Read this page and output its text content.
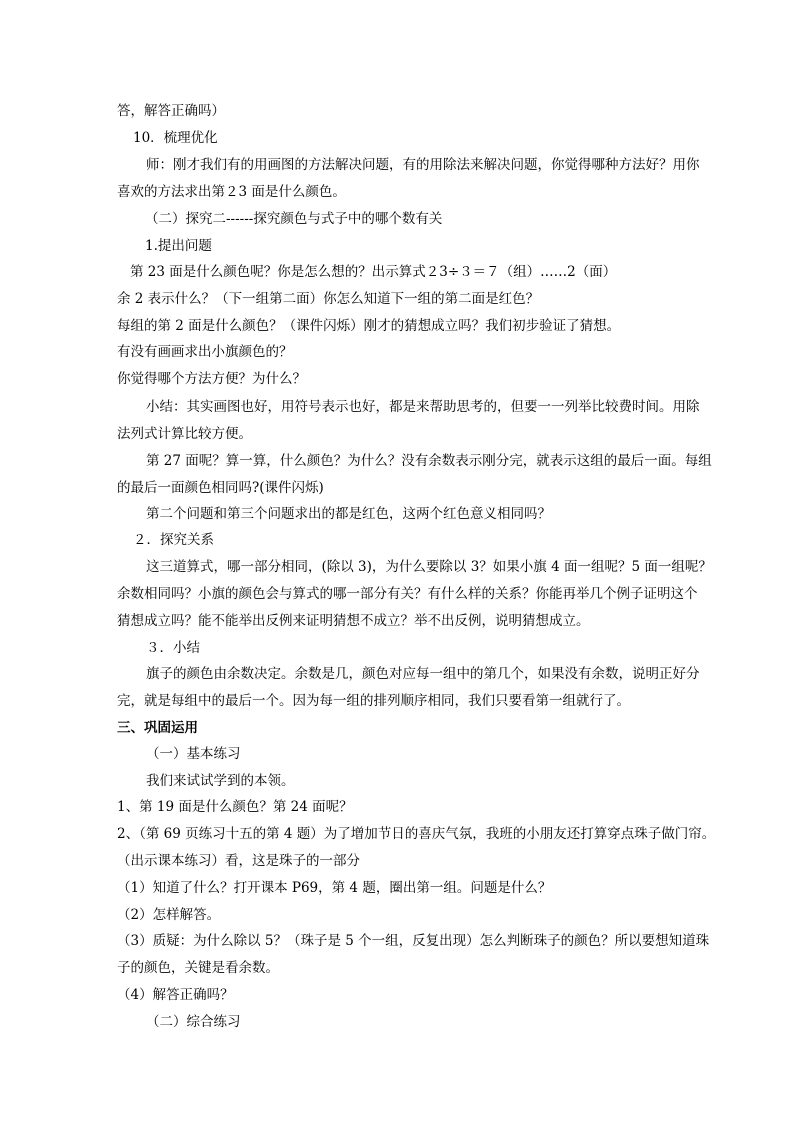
答，解答正确吗）
10．梳理优化
师：刚才我们有的用画图的方法解决问题，有的用除法来解决问题，你觉得哪种方法好？用你
喜欢的方法求出第２3 面是什么颜色。
（二）探究二------探究颜色与式子中的哪个数有关
1.提出问题
第 23 面是什么颜色呢？你是怎么想的？出示算式２3÷３＝７（组）……2（面）
余 2 表示什么？（下一组第二面）你怎么知道下一组的第二面是红色？
每组的第 2 面是什么颜色？（课件闪烁）刚才的猜想成立吗？我们初步验证了猜想。
有没有画画求出小旗颜色的？
你觉得哪个方法方便？为什么？
小结：其实画图也好，用符号表示也好，都是来帮助思考的，但要一一列举比较费时间。用除
法列式计算比较方便。
第 27 面呢？算一算，什么颜色？为什么？没有余数表示刚分完，就表示这组的最后一面。每组
的最后一面颜色相同吗?(课件闪烁)
第二个问题和第三个问题求出的都是红色，这两个红色意义相同吗？
２．探究关系
这三道算式，哪一部分相同，(除以 3)，为什么要除以 3？如果小旗 4 面一组呢？5 面一组呢？
余数相同吗？小旗的颜色会与算式的哪一部分有关？有什么样的关系？你能再举几个例子证明这个
猜想成立吗？能不能举出反例来证明猜想不成立？举不出反例，说明猜想成立。
３．小结
旗子的颜色由余数决定。余数是几，颜色对应每一组中的第几个，如果没有余数，说明正好分
完，就是每组中的最后一个。因为每一组的排列顺序相同，我们只要看第一组就行了。
三、巩固运用
（一）基本练习
我们来试试学到的本领。
1、第 19 面是什么颜色？第 24 面呢？
2、（第 69 页练习十五的第 4 题）为了增加节日的喜庆气氛，我班的小朋友还打算穿点珠子做门帘。
（出示课本练习）看，这是珠子的一部分
（1）知道了什么？打开课本 P69，第 4 题，圈出第一组。问题是什么？
（2）怎样解答。
（3）质疑：为什么除以 5？（珠子是 5 个一组，反复出现）怎么判断珠子的颜色？所以要想知道珠
子的颜色，关键是看余数。
（4）解答正确吗？
（二）综合练习
